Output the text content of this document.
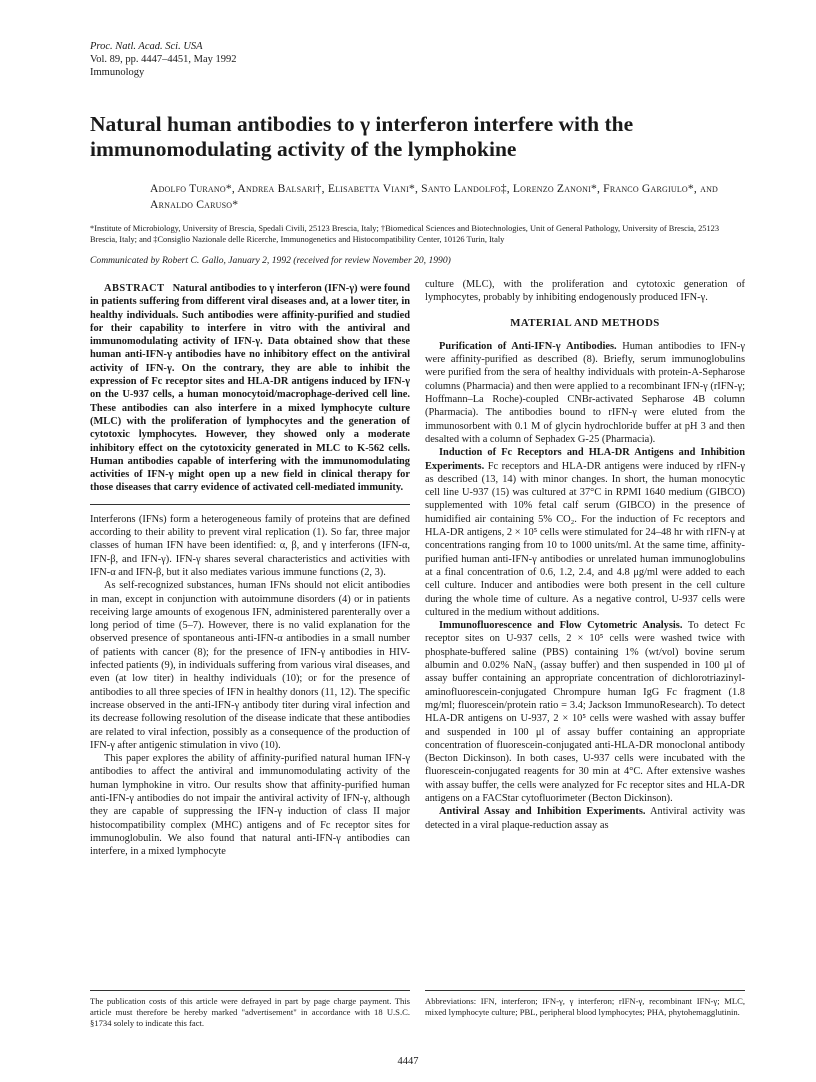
Proc. Natl. Acad. Sci. USA
Vol. 89, pp. 4447–4451, May 1992
Immunology
Natural human antibodies to γ interferon interfere with the immunomodulating activity of the lymphokine
Adolfo Turano*, Andrea Balsari†, Elisabetta Viani*, Santo Landolfo‡, Lorenzo Zanoni*, Franco Gargiulo*, and Arnaldo Caruso*
*Institute of Microbiology, University of Brescia, Spedali Civili, 25123 Brescia, Italy; †Biomedical Sciences and Biotechnologies, Unit of General Pathology, University of Brescia, 25123 Brescia, Italy; and ‡Consiglio Nazionale delle Ricerche, Immunogenetics and Histocompatibility Center, 10126 Turin, Italy
Communicated by Robert C. Gallo, January 2, 1992 (received for review November 20, 1990)

ABSTRACT Natural antibodies to γ interferon (IFN-γ) were found in patients suffering from different viral diseases and, at a lower titer, in healthy individuals. Such antibodies were affinity-purified and studied for their capability to interfere in vitro with the antiviral and immunomodulating activity of IFN-γ. Data obtained show that these human anti-IFN-γ antibodies have no inhibitory effect on the antiviral activity of IFN-γ. On the contrary, they are able to inhibit the expression of Fc receptor sites and HLA-DR antigens induced by IFN-γ on the U-937 cells, a human monocytoid/macrophage-derived cell line. These antibodies can also interfere in a mixed lymphocyte culture (MLC) with the proliferation of lymphocytes and the generation of cytotoxic lymphocytes. However, they showed only a moderate inhibitory effect on the cytotoxicity generated in MLC to K-562 cells. Human antibodies capable of interfering with the immunomodulating activities of IFN-γ might open up a new field in clinical therapy for those diseases that carry evidence of activated cell-mediated immunity.

Interferons (IFNs) form a heterogeneous family of proteins that are defined according to their ability to prevent viral replication (1). So far, three major classes of human IFN have been identified: α, β, and γ interferons (IFN-α, IFN-β, and IFN-γ). IFN-γ shares several characteristics and activities with IFN-α and IFN-β, but it also mediates various immune functions (2, 3).

As self-recognized substances, human IFNs should not elicit antibodies in man, except in conjunction with autoimmune disorders (4) or in patients receiving large amounts of exogenous IFN, administered parenterally over a long period of time (5–7). However, there is no valid explanation for the observed presence of spontaneous anti-IFN-α antibodies in a small number of patients with cancer (8); for the presence of IFN-γ antibodies in HIV-infected patients (9), in individuals suffering from various viral diseases, and even (at low titer) in healthy individuals (10); or for the presence of antibodies to all three species of IFN in healthy donors (11, 12). The specific increase observed in the anti-IFN-γ antibody titer during viral infection and its decrease following resolution of the disease indicate that these antibodies are related to viral infection, possibly as a consequence of the production of IFN-γ after antigenic stimulation in vivo (10).

This paper explores the ability of affinity-purified natural human IFN-γ antibodies to affect the antiviral and immunomodulating activity of the human lymphokine in vitro. Our results show that affinity-purified human anti-IFN-γ antibodies do not impair the antiviral activity of IFN-γ, although they are capable of suppressing the IFN-γ induction of class II major histocompatibility complex (MHC) antigens and of Fc receptor sites for immunoglobulin. We also found that natural anti-IFN-γ antibodies can interfere, in a mixed lymphocyte

culture (MLC), with the proliferation and cytotoxic generation of lymphocytes, probably by inhibiting endogenously produced IFN-γ.

MATERIAL AND METHODS

Purification of Anti-IFN-γ Antibodies. Human antibodies to IFN-γ were affinity-purified as described (8). Briefly, serum immunoglobulins were purified from the sera of healthy individuals with protein-A-Sepharose columns (Pharmacia) and then were applied to a recombinant IFN-γ (rIFN-γ; Hoffmann–La Roche)-coupled CNBr-activated Sepharose 4B column (Pharmacia). The antibodies bound to rIFN-γ were eluted from the immunosorbent with 0.1 M of glycin hydrochloride buffer at pH 3 and then desalted with a column of Sephadex G-25 (Pharmacia).

Induction of Fc Receptors and HLA-DR Antigens and Inhibition Experiments. Fc receptors and HLA-DR antigens were induced by rIFN-γ as described (13, 14) with minor changes. In short, the human monocytic cell line U-937 (15) was cultured at 37°C in RPMI 1640 medium (GIBCO) supplemented with 10% fetal calf serum (GIBCO) in the presence of humidified air containing 5% CO₂. For the induction of Fc receptors and HLA-DR antigens, 2 × 10⁵ cells were stimulated for 24–48 hr with rIFN-γ at concentrations ranging from 10 to 1000 units/ml. At the same time, affinity-purified human anti-IFN-γ antibodies or unrelated human immunoglobulins at a final concentration of 0.6, 1.2, 2.4, and 4.8 μg/ml were added to each cell culture. Inducer and antibodies were both present in the cell culture during the whole time of culture. As a negative control, U-937 cells were cultured in the medium without additions.

Immunofluorescence and Flow Cytometric Analysis. To detect Fc receptor sites on U-937 cells, 2 × 10⁵ cells were washed twice with phosphate-buffered saline (PBS) containing 1% (wt/vol) bovine serum albumin and 0.02% NaN₃ (assay buffer) and then suspended in 100 μl of assay buffer containing an appropriate concentration of dichlorotriazinyl-aminofluorescein-conjugated Chrompure human IgG Fc fragment (1.8 mg/ml; fluorescein/protein ratio = 3.4; Jackson ImmunoResearch). To detect HLA-DR antigens on U-937, 2 × 10⁵ cells were washed with assay buffer and suspended in 100 μl of assay buffer containing an appropriate concentration of fluorescein-conjugated anti-HLA-DR monoclonal antibody (Becton Dickinson). In both cases, U-937 cells were incubated with the fluorescein-conjugated reagents for 30 min at 4°C. After extensive washes with assay buffer, the cells were analyzed for Fc receptor sites and HLA-DR antigens on a FACStar cytofluorimeter (Becton Dickinson).

Antiviral Assay and Inhibition Experiments. Antiviral activity was detected in a viral plaque-reduction assay as

The publication costs of this article were defrayed in part by page charge payment. This article must therefore be hereby marked "advertisement" in accordance with 18 U.S.C. §1734 solely to indicate this fact.
Abbreviations: IFN, interferon; IFN-γ, γ interferon; rIFN-γ, recombinant IFN-γ; MLC, mixed lymphocyte culture; PBL, peripheral blood lymphocytes; PHA, phytohemagglutinin.
4447
